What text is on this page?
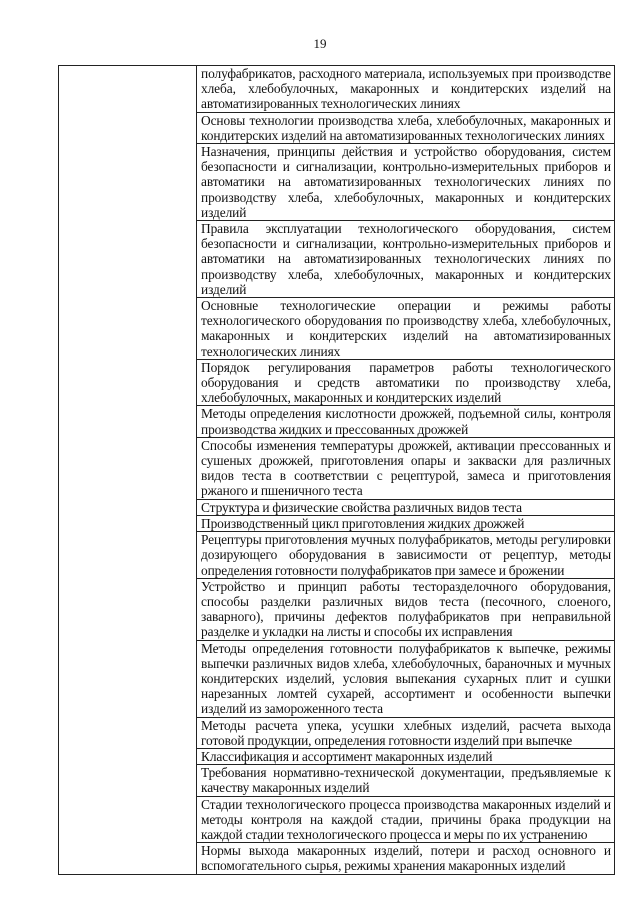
19

полуфабрикатов, расходного материала, используемых при производстве хлеба, хлебобулочных, макаронных и кондитерских изделий на автоматизированных технологических линиях

Основы технологии производства хлеба, хлебобулочных, макаронных и кондитерских изделий на автоматизированных технологических линиях

Назначения, принципы действия и устройство оборудования, систем безопасности и сигнализации, контрольно-измерительных приборов и автоматики на автоматизированных технологических линиях по производству хлеба, хлебобулочных, макаронных и кондитерских изделий

Правила эксплуатации технологического оборудования, систем безопасности и сигнализации, контрольно-измерительных приборов и автоматики на автоматизированных технологических линиях по производству хлеба, хлебобулочных, макаронных и кондитерских изделий

Основные технологические операции и режимы работы технологического оборудования по производству хлеба, хлебобулочных, макаронных и кондитерских изделий на автоматизированных технологических линиях

Порядок регулирования параметров работы технологического оборудования и средств автоматики по производству хлеба, хлебобулочных, макаронных и кондитерских изделий

Методы определения кислотности дрожжей, подъемной силы, контроля производства жидких и прессованных дрожжей

Способы изменения температуры дрожжей, активации прессованных и сушеных дрожжей, приготовления опары и закваски для различных видов теста в соответствии с рецептурой, замеса и приготовления ржаного и пшеничного теста

Структура и физические свойства различных видов теста

Производственный цикл приготовления жидких дрожжей

Рецептуры приготовления мучных полуфабрикатов, методы регулировки дозирующего оборудования в зависимости от рецептур, методы определения готовности полуфабрикатов при замесе и брожении

Устройство и принцип работы тесторазделочного оборудования, способы разделки различных видов теста (песочного, слоеного, заварного), причины дефектов полуфабрикатов при неправильной разделке и укладки на листы и способы их исправления

Методы определения готовности полуфабрикатов к выпечке, режимы выпечки различных видов хлеба, хлебобулочных, бараночных и мучных кондитерских изделий, условия выпекания сухарных плит и сушки нарезанных ломтей сухарей, ассортимент и особенности выпечки изделий из замороженного теста

Методы расчета упека, усушки хлебных изделий, расчета выхода готовой продукции, определения готовности изделий при выпечке

Классификация и ассортимент макаронных изделий

Требования нормативно-технической документации, предъявляемые к качеству макаронных изделий

Стадии технологического процесса производства макаронных изделий и методы контроля на каждой стадии, причины брака продукции на каждой стадии технологического процесса и меры по их устранению

Нормы выхода макаронных изделий, потери и расход основного и вспомогательного сырья, режимы хранения макаронных изделий
